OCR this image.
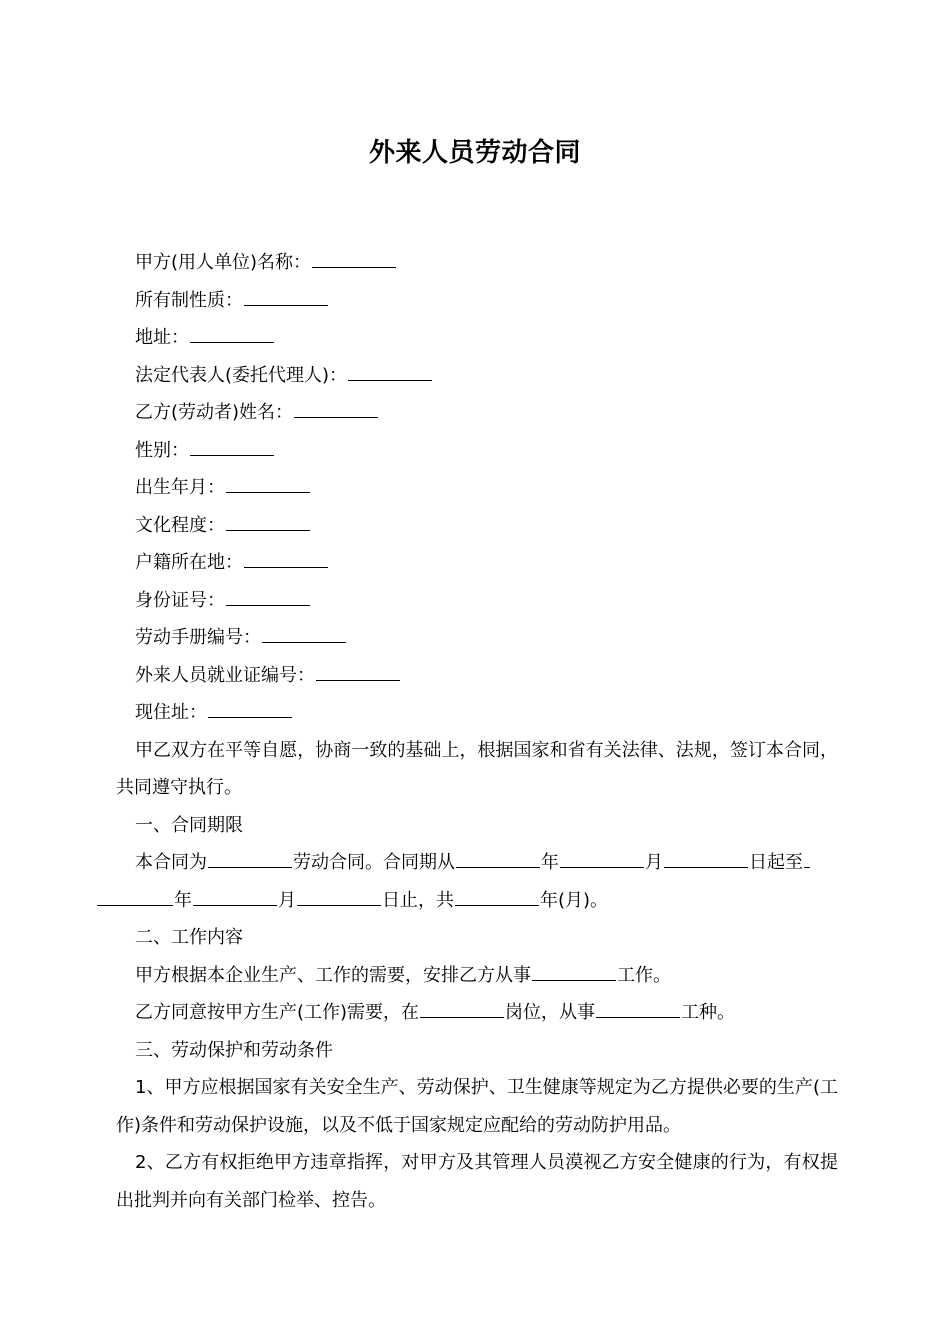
外来人员劳动合同

甲方(用人单位)名称：

所有制性质：

地址：

法定代表人(委托代理人)：

乙方(劳动者)姓名：

性别：

出生年月：

文化程度：

户籍所在地：

身份证号：

劳动手册编号：

外来人员就业证编号：

现住址：

甲乙双方在平等自愿，协商一致的基础上，根据国家和省有关法律、法规，签订本合同，共同遵守执行。

一、合同期限

本合同为	劳动合同。合同期从	年	月	日起至
年	月	日止，共	年(月)。

二、工作内容

甲方根据本企业生产、工作的需要，安排乙方从事	工作。

乙方同意按甲方生产(工作)需要，在	岗位，从事	工种。

三、劳动保护和劳动条件

1、甲方应根据国家有关安全生产、劳动保护、卫生健康等规定为乙方提供必要的生产(工作)条件和劳动保护设施，以及不低于国家规定应配给的劳动防护用品。

2、乙方有权拒绝甲方违章指挥，对甲方及其管理人员漠视乙方安全健康的行为，有权提出批判并向有关部门检举、控告。
